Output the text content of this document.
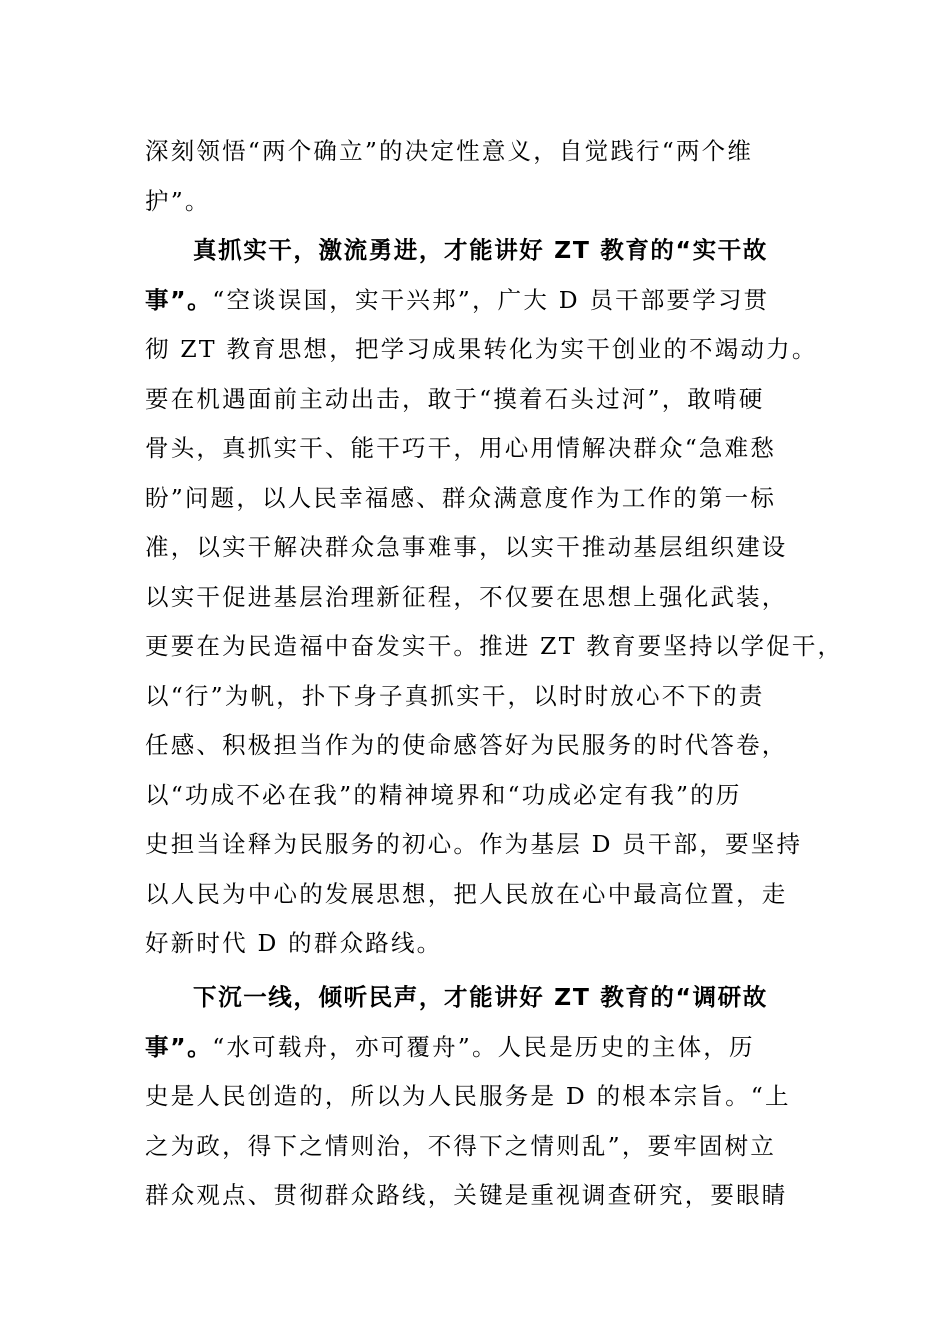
深刻领悟“两个确立”的决定性意义，自觉践行“两个维
护”。
真抓实干，激流勇进，才能讲好 ZT 教育的“实干故
事”。“空谈误国，实干兴邦”，广大 D 员干部要学习贯
彻 ZT 教育思想，把学习成果转化为实干创业的不竭动力。
要在机遇面前主动出击，敢于“摸着石头过河”，敢啃硬
骨头，真抓实干、能干巧干，用心用情解决群众“急难愁
盼”问题，以人民幸福感、群众满意度作为工作的第一标
准，以实干解决群众急事难事，以实干推动基层组织建设
以实干促进基层治理新征程，不仅要在思想上强化武装，
更要在为民造福中奋发实干。推进 ZT 教育要坚持以学促干，
以“行”为帆，扑下身子真抓实干，以时时放心不下的责
任感、积极担当作为的使命感答好为民服务的时代答卷，
以“功成不必在我”的精神境界和“功成必定有我”的历
史担当诠释为民服务的初心。作为基层 D 员干部，要坚持
以人民为中心的发展思想，把人民放在心中最高位置，走
好新时代 D 的群众路线。
下沉一线，倾听民声，才能讲好 ZT 教育的“调研故
事”。“水可载舟，亦可覆舟”。人民是历史的主体，历
史是人民创造的，所以为人民服务是 D 的根本宗旨。“上
之为政，得下之情则治，不得下之情则乱”，要牢固树立
群众观点、贯彻群众路线，关键是重视调查研究，要眼睛
